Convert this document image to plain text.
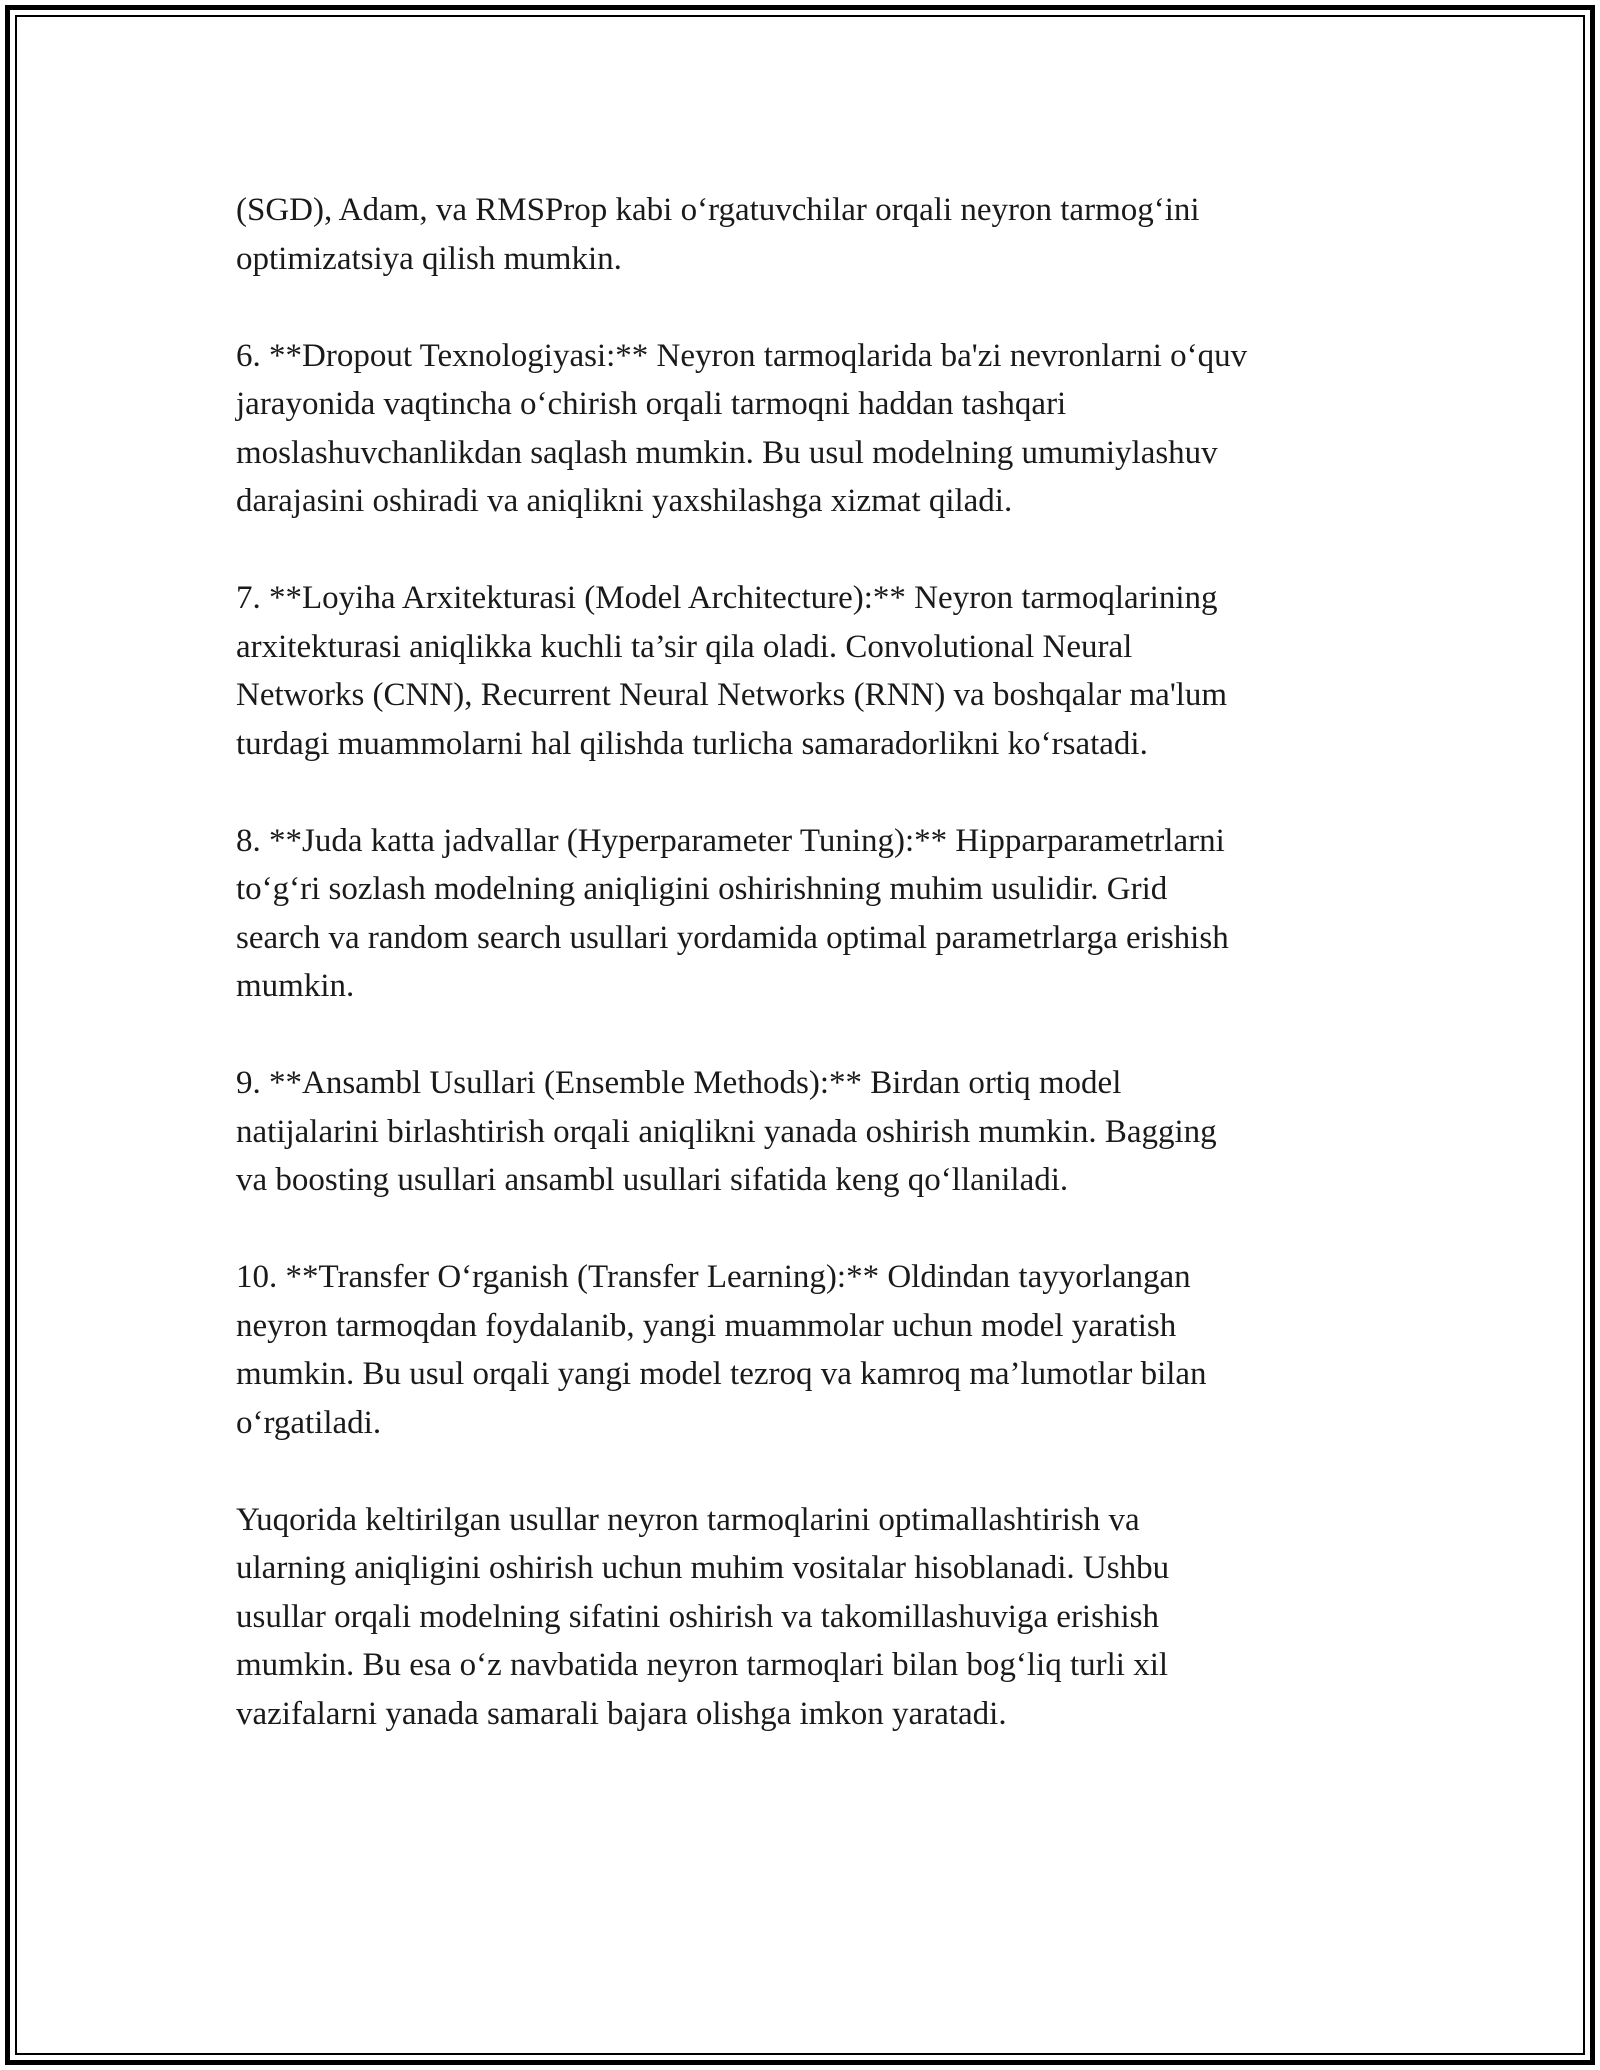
(SGD), Adam, va RMSProp kabi o‘rgatuvchilar orqali neyron tarmog‘ini
optimizatsiya qilish mumkin.

6. **Dropout Texnologiyasi:** Neyron tarmoqlarida ba'zi nevronlarni o‘quv
jarayonida vaqtincha o‘chirish orqali tarmoqni haddan tashqari
moslashuvchanlikdan saqlash mumkin. Bu usul modelning umumiylashuv
darajasini oshiradi va aniqlikni yaxshilashga xizmat qiladi.

7. **Loyiha Arxitekturasi (Model Architecture):** Neyron tarmoqlarining
arxitekturasi aniqlikka kuchli ta’sir qila oladi. Convolutional Neural
Networks (CNN), Recurrent Neural Networks (RNN) va boshqalar ma'lum
turdagi muammolarni hal qilishda turlicha samaradorlikni ko‘rsatadi.

8. **Juda katta jadvallar (Hyperparameter Tuning):** Hipparparametrlarni
to‘g‘ri sozlash modelning aniqligini oshirishning muhim usulidir. Grid
search va random search usullari yordamida optimal parametrlarga erishish
mumkin.

9. **Ansambl Usullari (Ensemble Methods):** Birdan ortiq model
natijalarini birlashtirish orqali aniqlikni yanada oshirish mumkin. Bagging
va boosting usullari ansambl usullari sifatida keng qo‘llaniladi.

10. **Transfer O‘rganish (Transfer Learning):** Oldindan tayyorlangan
neyron tarmoqdan foydalanib, yangi muammolar uchun model yaratish
mumkin. Bu usul orqali yangi model tezroq va kamroq ma’lumotlar bilan
o‘rgatiladi.

Yuqorida keltirilgan usullar neyron tarmoqlarini optimallashtirish va
ularning aniqligini oshirish uchun muhim vositalar hisoblanadi. Ushbu
usullar orqali modelning sifatini oshirish va takomillashuviga erishish
mumkin. Bu esa o‘z navbatida neyron tarmoqlari bilan bog‘liq turli xil
vazifalarni yanada samarali bajara olishga imkon yaratadi.
